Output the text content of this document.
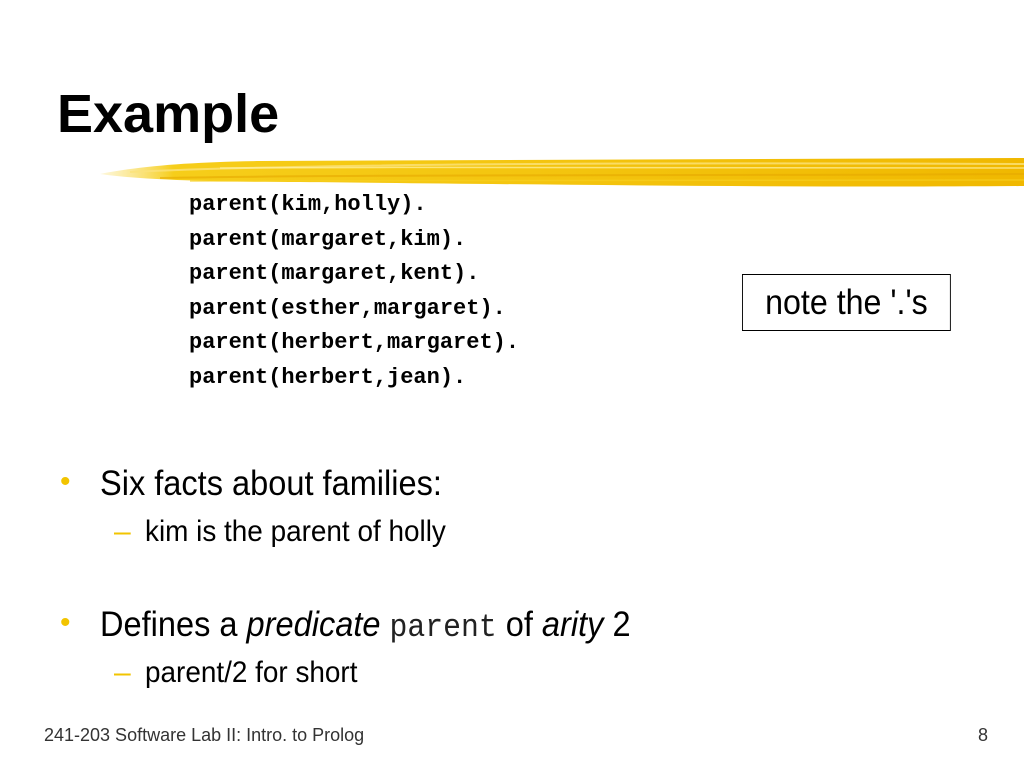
Example
parent(kim,holly).
parent(margaret,kim).
parent(margaret,kent).
parent(esther,margaret).
parent(herbert,margaret).
parent(herbert,jean).
note the '.'s
• Six facts about families:
– kim is the parent of holly
• Defines a predicate parent of arity 2
– parent/2 for short
241-203 Software Lab II: Intro. to Prolog	8
